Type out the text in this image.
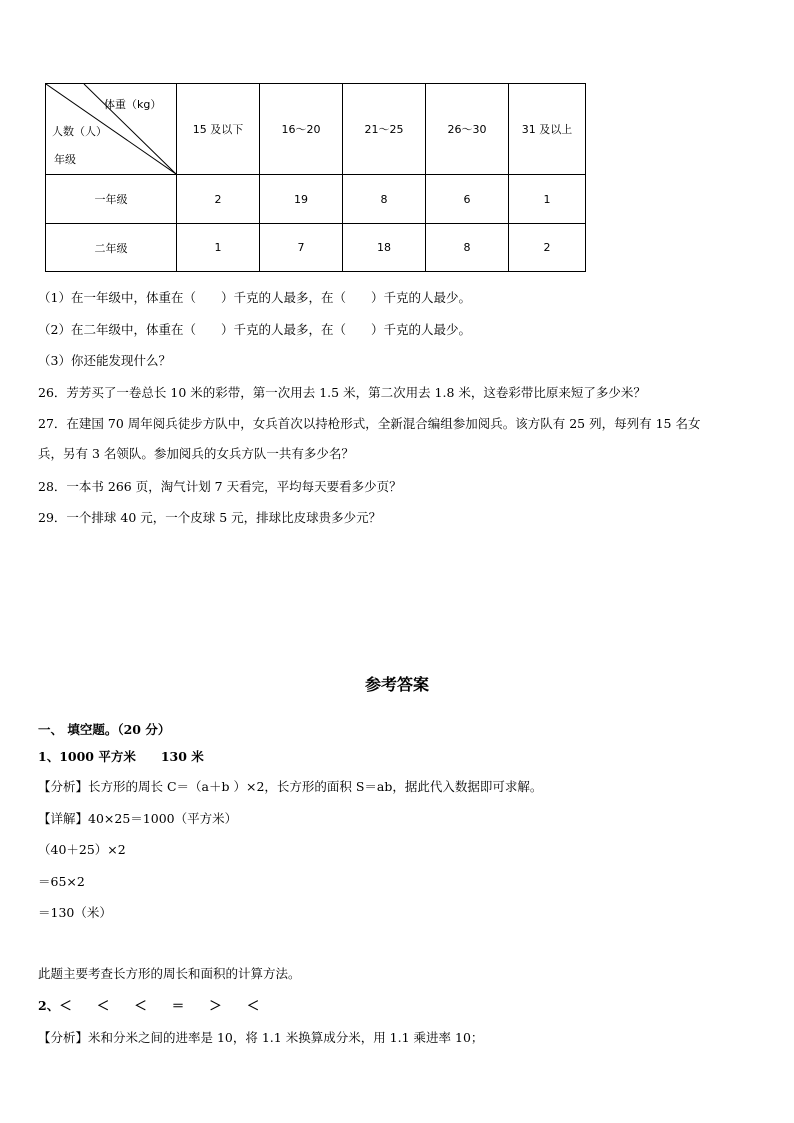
体重（kg）
人数（人）
年级	15 及以下	16～20	21～25	26～30	31 及以上
一年级	2	19	8	6	1
二年级	1	7	18	8	2
（1）在一年级中，体重在（　　）千克的人最多，在（　　）千克的人最少。
（2）在二年级中，体重在（　　）千克的人最多，在（　　）千克的人最少。
（3）你还能发现什么？
26．芳芳买了一卷总长 10 米的彩带，第一次用去 1.5 米，第二次用去 1.8 米，这卷彩带比原来短了多少米？
27．在建国 70 周年阅兵徒步方队中，女兵首次以持枪形式，全新混合编组参加阅兵。该方队有 25 列，每列有 15 名女
兵，另有 3 名领队。参加阅兵的女兵方队一共有多少名？
28．一本书 266 页，淘气计划 7 天看完，平均每天要看多少页？
29．一个排球 40 元，一个皮球 5 元，排球比皮球贵多少元？
参考答案
一、 填空题。（20 分）
1、1000 平方米　　130 米
【分析】长方形的周长 C＝（a＋b ）×2，长方形的面积 S＝ab，据此代入数据即可求解。
【详解】40×25＝1000（平方米）
（40＋25）×2
＝65×2
＝130（米）
此题主要考查长方形的周长和面积的计算方法。
2、＜　　＜　　＜　　＝　　＞　　＜
【分析】米和分米之间的进率是 10，将 1.1 米换算成分米，用 1.1 乘进率 10；
